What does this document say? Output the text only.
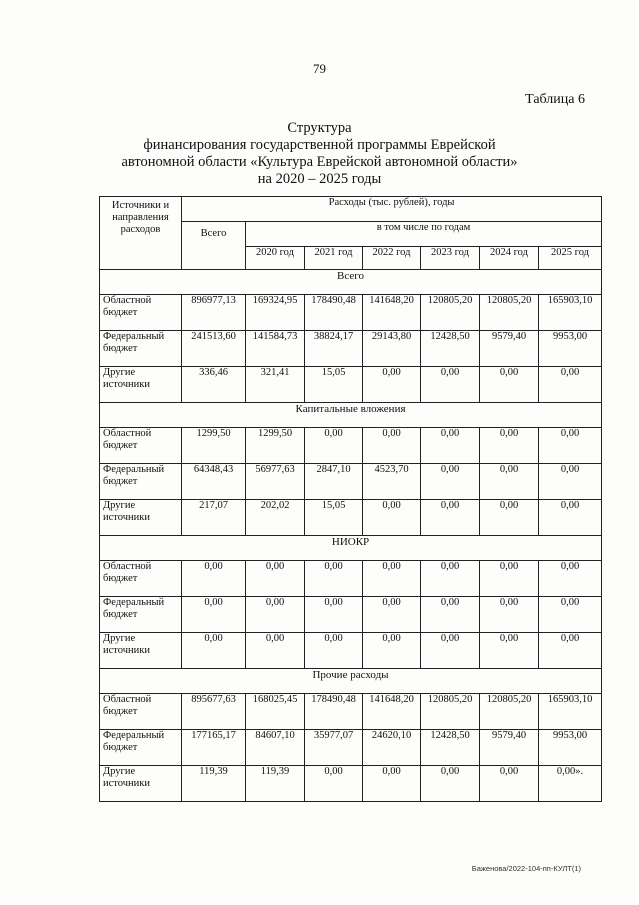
79
Таблица 6
Структура
финансирования государственной программы Еврейской
автономной области «Культура Еврейской автономной области»
на 2020 – 2025 годы
Источники и направления расходов	Расходы (тыс. рублей), годы						
	Всего	в том числе по годам					
		2020 год	2021 год	2022 год	2023 год	2024 год	2025 год
Всего							
Областной бюджет	896977,13	169324,95	178490,48	141648,20	120805,20	120805,20	165903,10
Федеральный бюджет	241513,60	141584,73	38824,17	29143,80	12428,50	9579,40	9953,00
Другие источники	336,46	321,41	15,05	0,00	0,00	0,00	0,00
Капитальные вложения							
Областной бюджет	1299,50	1299,50	0,00	0,00	0,00	0,00	0,00
Федеральный бюджет	64348,43	56977,63	2847,10	4523,70	0,00	0,00	0,00
Другие источники	217,07	202,02	15,05	0,00	0,00	0,00	0,00
НИОКР							
Областной бюджет	0,00	0,00	0,00	0,00	0,00	0,00	0,00
Федеральный бюджет	0,00	0,00	0,00	0,00	0,00	0,00	0,00
Другие источники	0,00	0,00	0,00	0,00	0,00	0,00	0,00
Прочие расходы							
Областной бюджет	895677,63	168025,45	178490,48	141648,20	120805,20	120805,20	165903,10
Федеральный бюджет	177165,17	84607,10	35977,07	24620,10	12428,50	9579,40	9953,00
Другие источники	119,39	119,39	0,00	0,00	0,00	0,00	0,00».
Баженова/2022-104-пп-КУЛТ(1)
